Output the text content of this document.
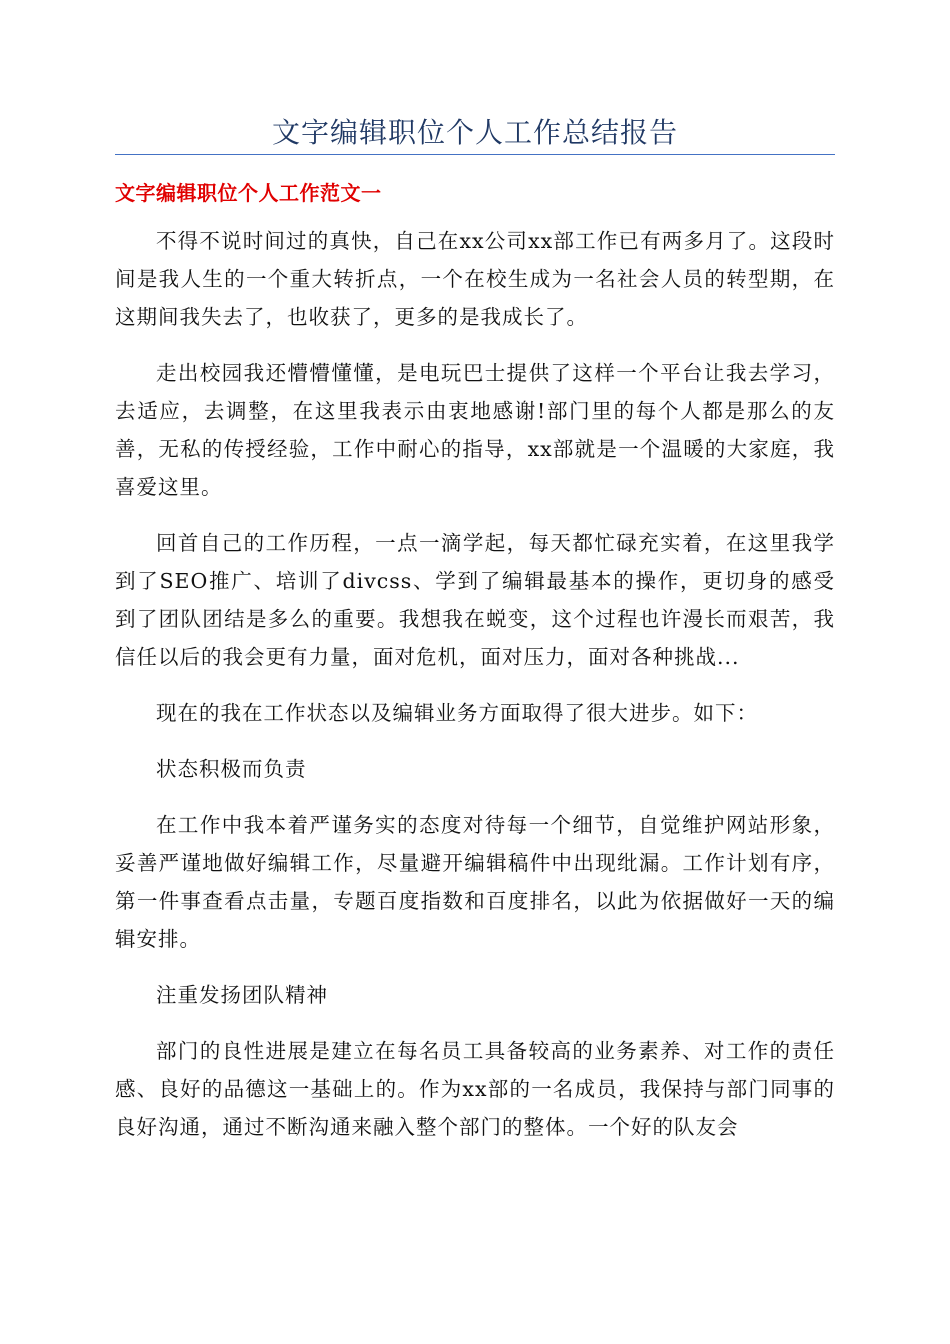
文字编辑职位个人工作总结报告
文字编辑职位个人工作范文一

不得不说时间过的真快，自己在xx公司xx部工作已有两多月了。这段时间是我人生的一个重大转折点，一个在校生成为一名社会人员的转型期，在这期间我失去了，也收获了，更多的是我成长了。

走出校园我还懵懵懂懂，是电玩巴士提供了这样一个平台让我去学习，去适应，去调整，在这里我表示由衷地感谢!部门里的每个人都是那么的友善，无私的传授经验，工作中耐心的指导，xx部就是一个温暖的大家庭，我喜爱这里。

回首自己的工作历程，一点一滴学起，每天都忙碌充实着，在这里我学到了SEO推广、培训了divcss、学到了编辑最基本的操作，更切身的感受到了团队团结是多么的重要。我想我在蜕变，这个过程也许漫长而艰苦，我信任以后的我会更有力量，面对危机，面对压力，面对各种挑战...

现在的我在工作状态以及编辑业务方面取得了很大进步。如下：

状态积极而负责

在工作中我本着严谨务实的态度对待每一个细节，自觉维护网站形象，妥善严谨地做好编辑工作，尽量避开编辑稿件中出现纰漏。工作计划有序，第一件事查看点击量，专题百度指数和百度排名，以此为依据做好一天的编辑安排。

注重发扬团队精神

部门的良性进展是建立在每名员工具备较高的业务素养、对工作的责任感、良好的品德这一基础上的。作为xx部的一名成员，我保持与部门同事的良好沟通，通过不断沟通来融入整个部门的整体。一个好的队友会
